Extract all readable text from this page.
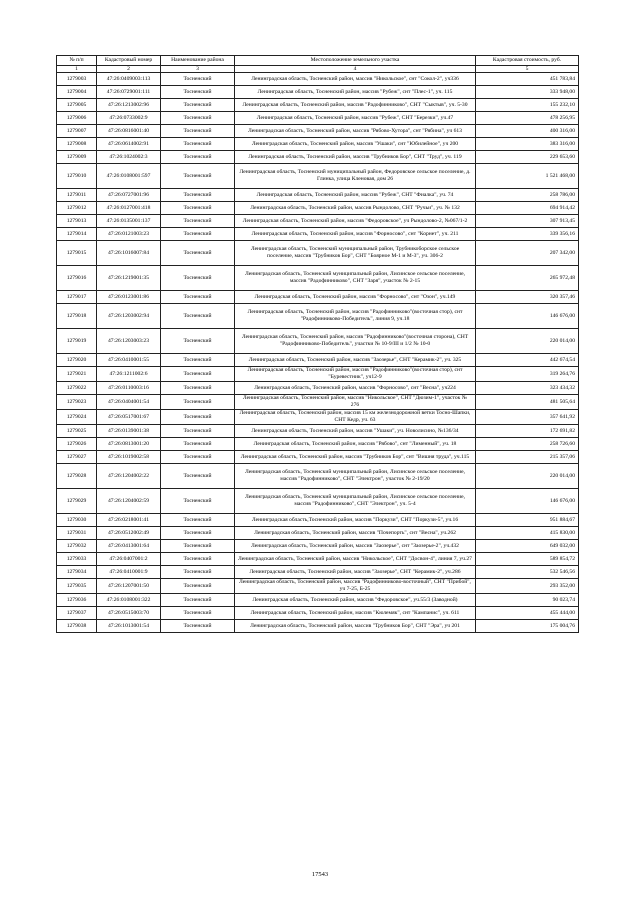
№ п/п	Кадастровый номер	Наименование района	Местоположение земельного участка	Кадастровая стоимость, руб.
1	2	3	4	5
1279003	47:26:0409003:113	Тосненский	Ленинградская область, Тосненский район, массив "Никольское", снт "Сокол-2", уч336	451 783,84
1279004	47:26:0729001:111	Тосненский	Ленинградская область, Тосненский район, массив "Рубеж", снт "Плес-1", уч. 115	333 948,00
1279005	47:26:1213002:96	Тосненский	Ленинградская область, Тосненский район, массив "Радофинниково", СНТ "Сыктыв", уч. 5-30	155 232,10
1279006	47:26:0733002:9	Тосненский	Ленинградская область, Тосненский район, массив "Рубеж", СНТ "Березки", уч.47	478 256,95
1279007	47:26:0816001:40	Тосненский	Ленинградская область, Тосненский район, массив "Рябово-Хутора", снт "Рябина", уч 613	400 316,00
1279008	47:26:0614002:91	Тосненский	Ленинградская область, Тосненский район, массив "Ушаки", снт "Юбилейное", уч 200	383 316,00
1279009	47:26:1024002:3	Тосненский	Ленинградская область, Тосненский район, массив "Трубников Бор", СНТ "Труд", уч. 119	229 653,60
1279010	47:26:0108001:597	Тосненский	Ленинградская область, Тосненский муниципальный район, Федоровское сельское поселение, д. Глинка, улица Кленовая, дом 26	1 521 468,00
1279011	47:26:0727001:96	Тосненский	Ленинградская область, Тосненский район, массив "Рубеж", СНТ "Фиалка", уч. 74	258 786,00
1279012	47:26:0127001:418	Тосненский	Ленинградская область, Тосненский район, массив Рындолово, СНТ "Ручьи", уч. № 132	694 914,42
1279013	47:26:0135001:137	Тосненский	Ленинградская область, Тосненский район, массив "Федоровское", уч Рындолово-2, №067/1-2	307 913,45
1279014	47:26:0121003:23	Тосненский	Ленинградская область, Тосненский район, массив "Форносово", снт "Корнет", уч. 211	339 356,16
1279015	47:26:1016007:84	Тосненский	Ленинградская область, Тосненский муниципальный район, Трубникоборское сельское поселение, массив "Трубников Бор", СНТ "Боярное М-1 и М-3", уч. 306-2	207 342,00
1279016	47:26:1219001:35	Тосненский	Ленинградская область, Тосненский муниципальный район, Лисинское сельское поселение, массив "Радофинниково", СНТ "Заря", участок № 2-15	265 972,48
1279017	47:26:0123001:86	Тосненский	Ленинградская область, Тосненский район, массив "Форносово", снт "Озон", уч.149	320 357,46
1279018	47:26:1203002:94	Тосненский	Ленинградская область, Тосненский район, массив "Радофинниково"(восточная стор), снт "Радофинниково-Победитель", линия 9, уч.18	146 676,00
1279019	47:26:1203003:23	Тосненский	Ленинградская область, Тосненский район, массив "Радофинниково"(восточная сторона), СНТ "Радофинниково-Победитель", участки № 10-9/III и 1/2 № 10-0	220 014,00
1279020	47:26:0410001:55	Тосненский	Ленинградская область, Тосненский район, массив "Заозерье", СНТ "Керамик-2", уч. 325	442 674,54
1279021	47:26:1211002:6	Тосненский	Ленинградская область, Тосненский район, массив "Радофинниково"(восточная стор), снт "Буревестник", уч12-9	319 264,76
1279022	47:26:0110003:16	Тосненский	Ленинградская область, Тосненский район, массив "Форносово", снт "Весна", уч224	323 434,32
1279023	47:26:0404001:54	Тосненский	Ленинградская область, Тосненский район, массив "Никольское", СНТ "Дюзим-1", участок № 276	481 505,64
1279024	47:26:0517001:67	Тосненский	Ленинградская область, Тосненский район, массив 15 км железнодорожной ветки Тосно-Шапки, СНТ Кедр, уч. 63	357 641,92
1279025	47:26:0139001:38	Тосненский	Ленинградская область, Тосненский район, массив "Ушаки", уч. Новолисино, №136/34	172 691,82
1279026	47:26:0813001:20	Тосненский	Ленинградская область, Тосненский район, массив "Рябово", снт "Лименный", уч. 18	258 726,60
1279027	47:26:1019002:58	Тосненский	Ленинградская область, Тосненский район, массив "Трубников Бор", снт "Вишня труда", уч.115	215 357,06
1279028	47:26:1204002:22	Тосненский	Ленинградская область, Тосненский муниципальный район, Лисинское сельское поселение, массив "Радофинниково", СНТ "Электрон", участок № 2-19/20	220 014,00
1279029	47:26:1204002:59	Тосненский	Ленинградская область, Тосненский муниципальный район, Лисинское сельское поселение, массив "Радофинниково", СНТ "Электрон", уч. 5-4	146 676,00
1279030	47:26:0218001:41	Тосненский	Ленинградская область,Тосненский район, массив "Поркузи", СНТ "Поркузи-5", уч.16	951 884,67
1279031	47:26:0512002:49	Тосненский	Ленинградская область, Тосненский район, массив "Почепорть", снт "Весна", уч.262	415 830,00
1279032	47:26:0413001:64	Тосненский	Ленинградская область, Тосненский район, массив "Заозерье", снт "Заозерье-2", уч.432	649 032,00
1279033	47:26:0407001:2	Тосненский	Ленинградская область, Тосненский район, массив "Никольское", СНТ "Досвон-4", линия 7, уч.27	589 854,72
1279034	47:26:0410001:9	Тосненский	Ленинградская область, Тосненский район, массив "Заозерье", СНТ "Керамик-2", уч.286	532 546,56
1279035	47:26:1207001:50	Тосненский	Ленинградская область, Тосненский район, массив "Радофинниково-восточный", СНТ "Прибой", уч 7-25, Б-25	293 352,00
1279036	47:26:0108001:322	Тосненский	Ленинградская область, Тосненский район, массив "Федоровское", уч.55/3 (Заводной)	90 023,74
1279037	47:26:0515003:70	Тосненский	Ленинградская область, Тосненский район, массив "Кюлемяк", снт "Кампанис", уч. 611	455 444,00
1279038	47:26:1013001:54	Тосненский	Ленинградская область, Тосненский район, массив "Трубников Бор", СНТ "Эра", уч 201	175 004,76
17543
